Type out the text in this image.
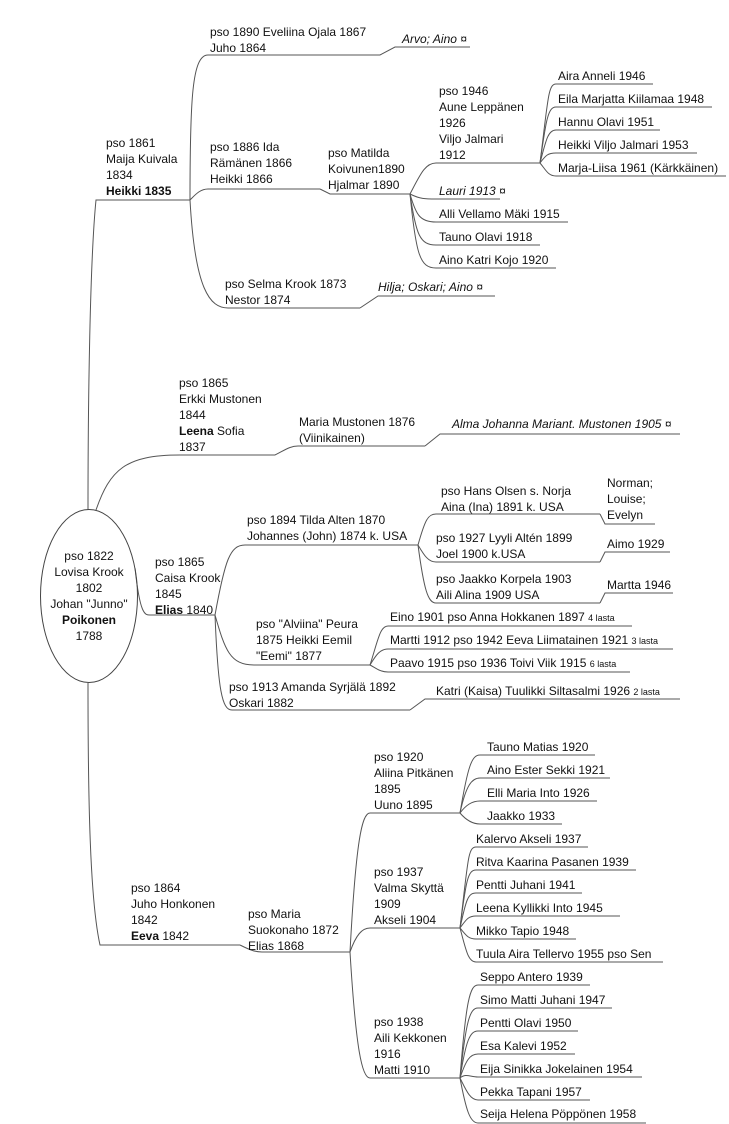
pso 1822
Lovisa Krook
1802
Johan "Junno"
Poikonen
1788
pso 1861
Maija Kuivala
1834
Heikki 1835
pso 1890 Eveliina Ojala 1867
Juho 1864
Arvo; Aino ¤
pso 1886 Ida
Rämänen 1866
Heikki 1866
pso Matilda
Koivunen1890
Hjalmar 1890
pso 1946
Aune Leppänen
1926
Viljo Jalmari
1912
Aira Anneli 1946
Eila Marjatta Kiilamaa 1948
Hannu Olavi 1951
Heikki Viljo Jalmari 1953
Marja-Liisa 1961 (Kärkkäinen)
Lauri 1913 ¤
Alli Vellamo Mäki 1915
Tauno Olavi 1918
Aino Katri Kojo 1920
pso Selma Krook 1873
Nestor 1874
Hilja; Oskari; Aino ¤
pso 1865
Erkki Mustonen
1844
Leena Sofia
1837
Maria Mustonen 1876
(Viinikainen)
Alma Johanna Mariant. Mustonen 1905 ¤
pso 1865
Caisa Krook
1845
Elias 1840
pso 1894 Tilda Alten 1870
Johannes (John) 1874 k. USA
pso Hans Olsen s. Norja
Aina (Ina) 1891 k. USA
Norman;
Louise;
Evelyn
pso 1927 Lyyli Altén 1899
Joel 1900 k.USA
Aimo 1929
pso Jaakko Korpela 1903
Aili Alina 1909 USA
Martta 1946
pso "Alviina" Peura
1875 Heikki Eemil
"Eemi" 1877
Eino 1901 pso Anna Hokkanen 1897 4 lasta
Martti 1912 pso 1942 Eeva Liimatainen 1921 3 lasta
Paavo 1915 pso 1936 Toivi Viik 1915 6 lasta
pso 1913 Amanda Syrjälä 1892
Oskari 1882
Katri (Kaisa) Tuulikki Siltasalmi 1926 2 lasta
pso 1864
Juho Honkonen
1842
Eeva 1842
pso Maria
Suokonaho 1872
Elias 1868
pso 1920
Aliina Pitkänen
1895
Uuno 1895
Tauno Matias 1920
Aino Ester Sekki 1921
Elli Maria Into 1926
Jaakko 1933
pso 1937
Valma Skyttä
1909
Akseli 1904
Kalervo Akseli 1937
Ritva Kaarina Pasanen 1939
Pentti Juhani 1941
Leena Kyllikki Into 1945
Mikko Tapio 1948
Tuula Aira Tellervo 1955 pso Sen
pso 1938
Aili Kekkonen
1916
Matti 1910
Seppo Antero 1939
Simo Matti Juhani 1947
Pentti Olavi 1950
Esa Kalevi 1952
Eija Sinikka Jokelainen 1954
Pekka Tapani 1957
Seija Helena Pöppönen 1958
